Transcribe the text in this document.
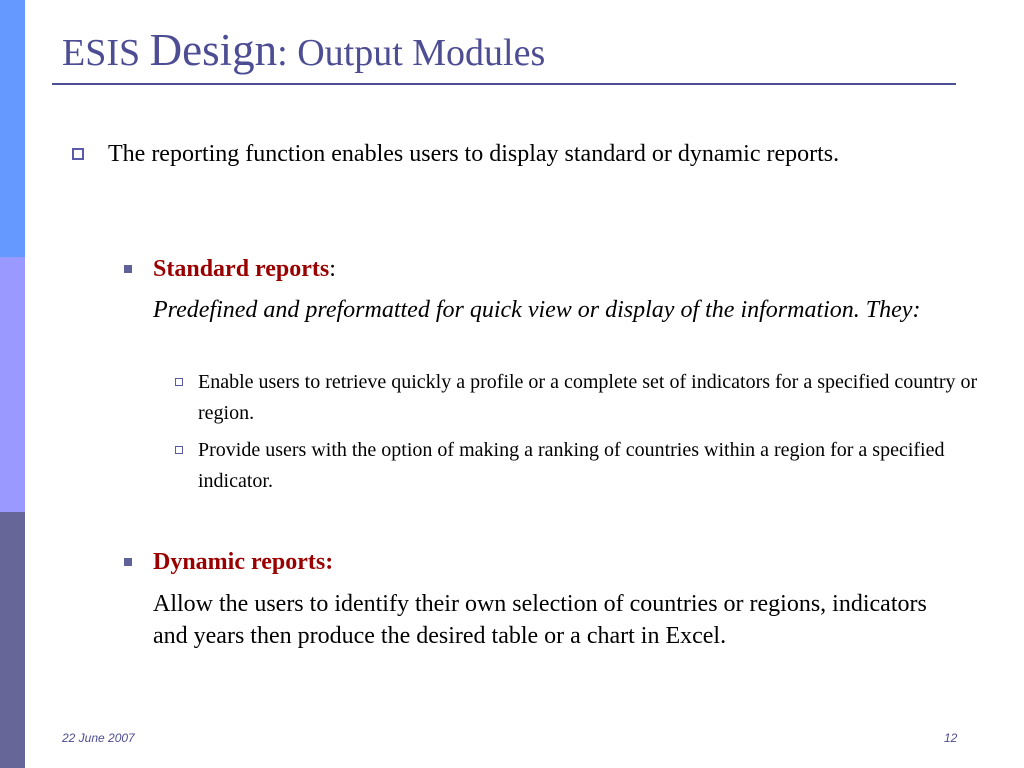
ESIS Design: Output Modules
The reporting function enables users to display standard or dynamic reports.
Standard reports:
Predefined and preformatted for quick view or display of the information. They:
Enable users to retrieve quickly a profile or a complete set of indicators for a specified country or region.
Provide users with the option of making a ranking of countries within a region for a specified indicator.
Dynamic reports:
Allow the users to identify their own selection of countries or regions, indicators and years then produce the desired table or a chart in Excel.
22 June 2007	12
